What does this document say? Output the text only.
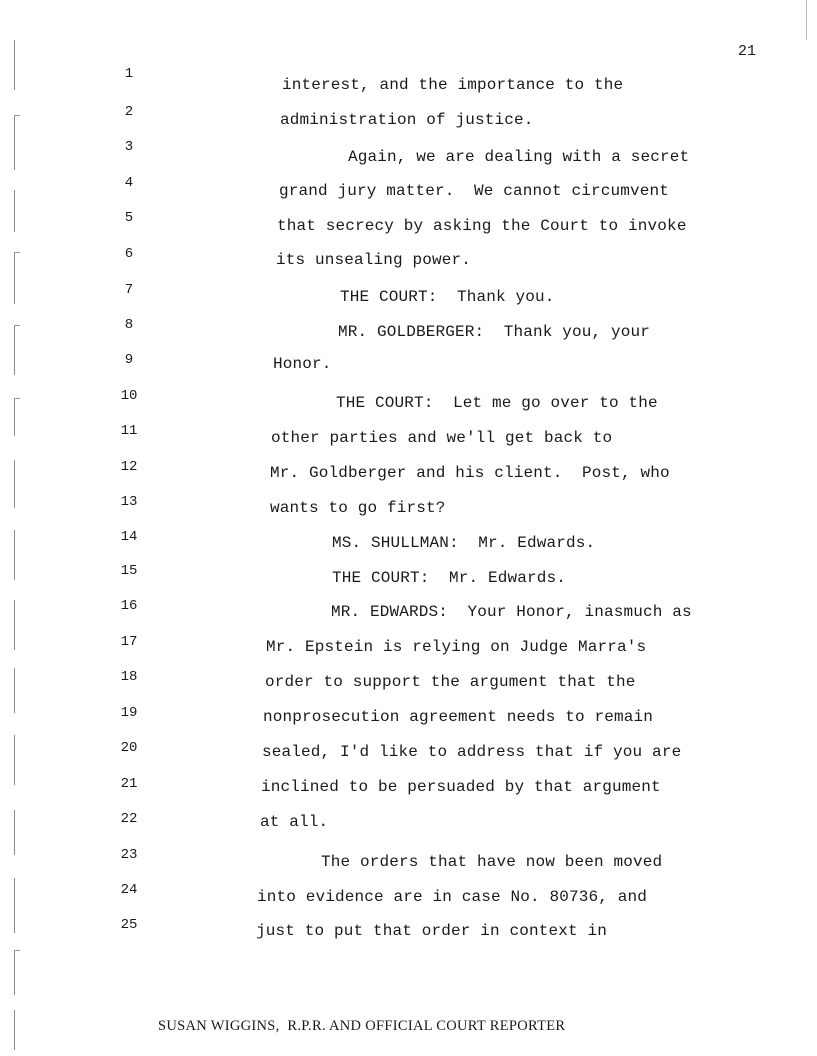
21
1
2
3
4
5
6
7
8
9
10
11
12
13
14
15
16
17
18
19
20
21
22
23
24
25
interest, and the importance to the
administration of justice.
Again, we are dealing with a secret
grand jury matter.  We cannot circumvent
that secrecy by asking the Court to invoke
its unsealing power.
THE COURT:  Thank you.
MR. GOLDBERGER:  Thank you, your
Honor.
THE COURT:  Let me go over to the
other parties and we'll get back to
Mr. Goldberger and his client.  Post, who
wants to go first?
MS. SHULLMAN:  Mr. Edwards.
THE COURT:  Mr. Edwards.
MR. EDWARDS:  Your Honor, inasmuch as
Mr. Epstein is relying on Judge Marra's
order to support the argument that the
nonprosecution agreement needs to remain
sealed, I'd like to address that if you are
inclined to be persuaded by that argument
at all.
The orders that have now been moved
into evidence are in case No. 80736, and
just to put that order in context in
SUSAN WIGGINS,  R.P.R. AND OFFICIAL COURT REPORTER
